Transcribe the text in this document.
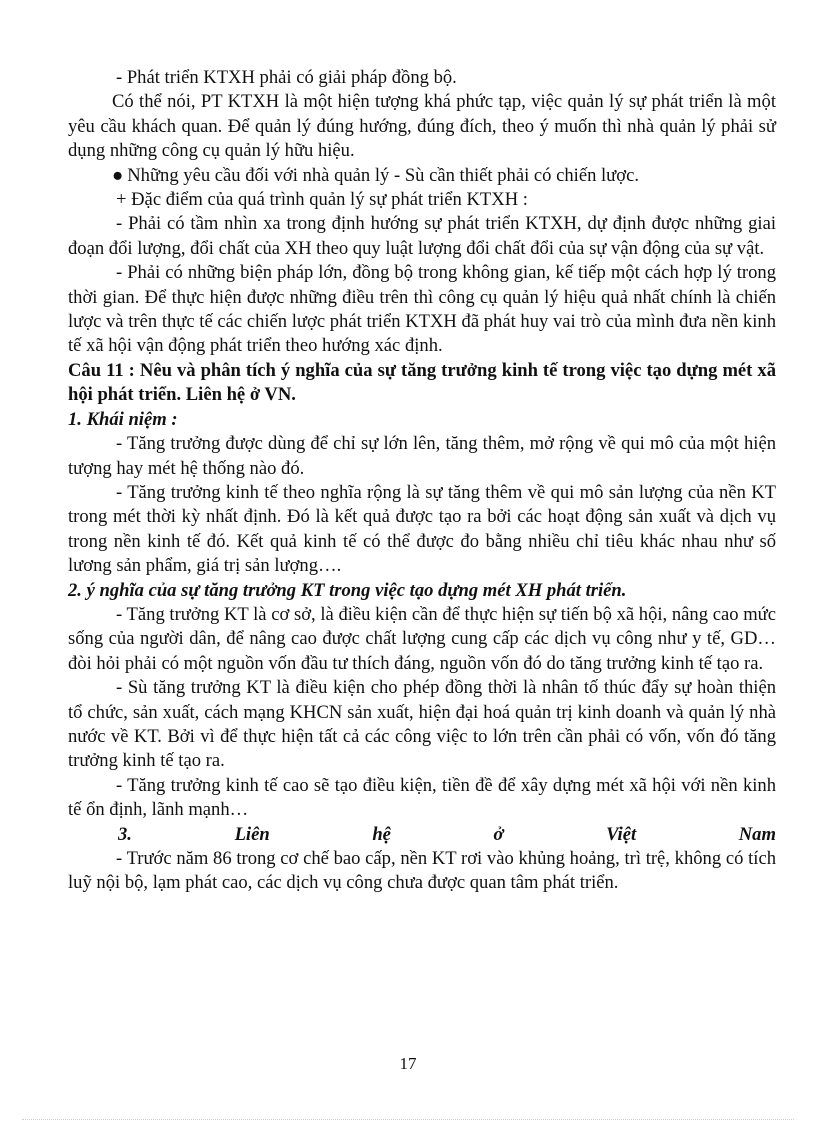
- Phát triển KTXH phải có giải pháp đồng bộ.

Có thể nói, PT KTXH là một hiện tượng khá phức tạp, việc quản lý sự phát triển là một yêu cầu khách quan. Để quản lý đúng hướng, đúng đích, theo ý muốn thì nhà quản lý phải sử dụng những công cụ quản lý hữu hiệu.

● Những yêu cầu đối với nhà quản lý - Sù cần thiết phải có chiến lược.

+ Đặc điểm của quá trình quản lý sự phát triển KTXH :

- Phải có tầm nhìn xa trong định hướng sự phát triển KTXH, dự định được những giai đoạn đổi lượng, đổi chất của XH theo quy luật lượng đổi chất đổi của sự vận động của sự vật.

- Phải có những biện pháp lớn, đồng bộ trong không gian, kế tiếp một cách hợp lý trong thời gian. Để thực hiện được những điều trên thì công cụ quản lý hiệu quả nhất chính là chiến lược và trên thực tế các chiến lược phát triển KTXH đã phát huy vai trò của mình đưa nền kinh tế xã hội vận động phát triển theo hướng xác định.

Câu 11 : Nêu và phân tích ý nghĩa của sự tăng trưởng kinh tế trong việc tạo dựng mét xã hội phát triển. Liên hệ ở VN.

1. Khái niệm :

- Tăng trưởng được dùng để chỉ sự lớn lên, tăng thêm, mở rộng về qui mô của một hiện tượng hay mét hệ thống nào đó.

- Tăng trưởng kinh tế theo nghĩa rộng là sự tăng thêm về qui mô sản lượng của nền KT trong mét thời kỳ nhất định. Đó là kết quả được tạo ra bởi các hoạt động sản xuất và dịch vụ trong nền kinh tế đó. Kết quả kinh tế có thể được đo bằng nhiều chỉ tiêu khác nhau như số lương sản phẩm, giá trị sản lượng….

2. ý nghĩa của sự tăng trưởng KT trong việc tạo dựng mét XH phát triển.

- Tăng trưởng KT là cơ sở, là điều kiện cần để thực hiện sự tiến bộ xã hội, nâng cao mức sống của người dân, để nâng cao được chất lượng cung cấp các dịch vụ công như y tế, GD… đòi hỏi phải có một nguồn vốn đầu tư thích đáng, nguồn vốn đó do tăng trưởng kinh tế tạo ra.

- Sù tăng trưởng KT là điều kiện cho phép đồng thời là nhân tố thúc đẩy sự hoàn thiện tổ chức, sản xuất, cách mạng KHCN sản xuất, hiện đại hoá quản trị kinh doanh và quản lý nhà nước về KT. Bởi vì để thực hiện tất cả các công việc to lớn trên cần phải có vốn, vốn đó tăng trưởng kinh tế tạo ra.

- Tăng trưởng kinh tế cao sẽ tạo điều kiện, tiền đề để xây dựng mét xã hội với nền kinh tế ổn định, lãnh mạnh…

3.	Liên	hệ	ở	Việt	Nam

- Trước năm 86 trong cơ chế bao cấp, nền KT rơi vào khủng hoảng, trì trệ, không có tích luỹ nội bộ, lạm phát cao, các dịch vụ công chưa được quan tâm phát triển.

17
